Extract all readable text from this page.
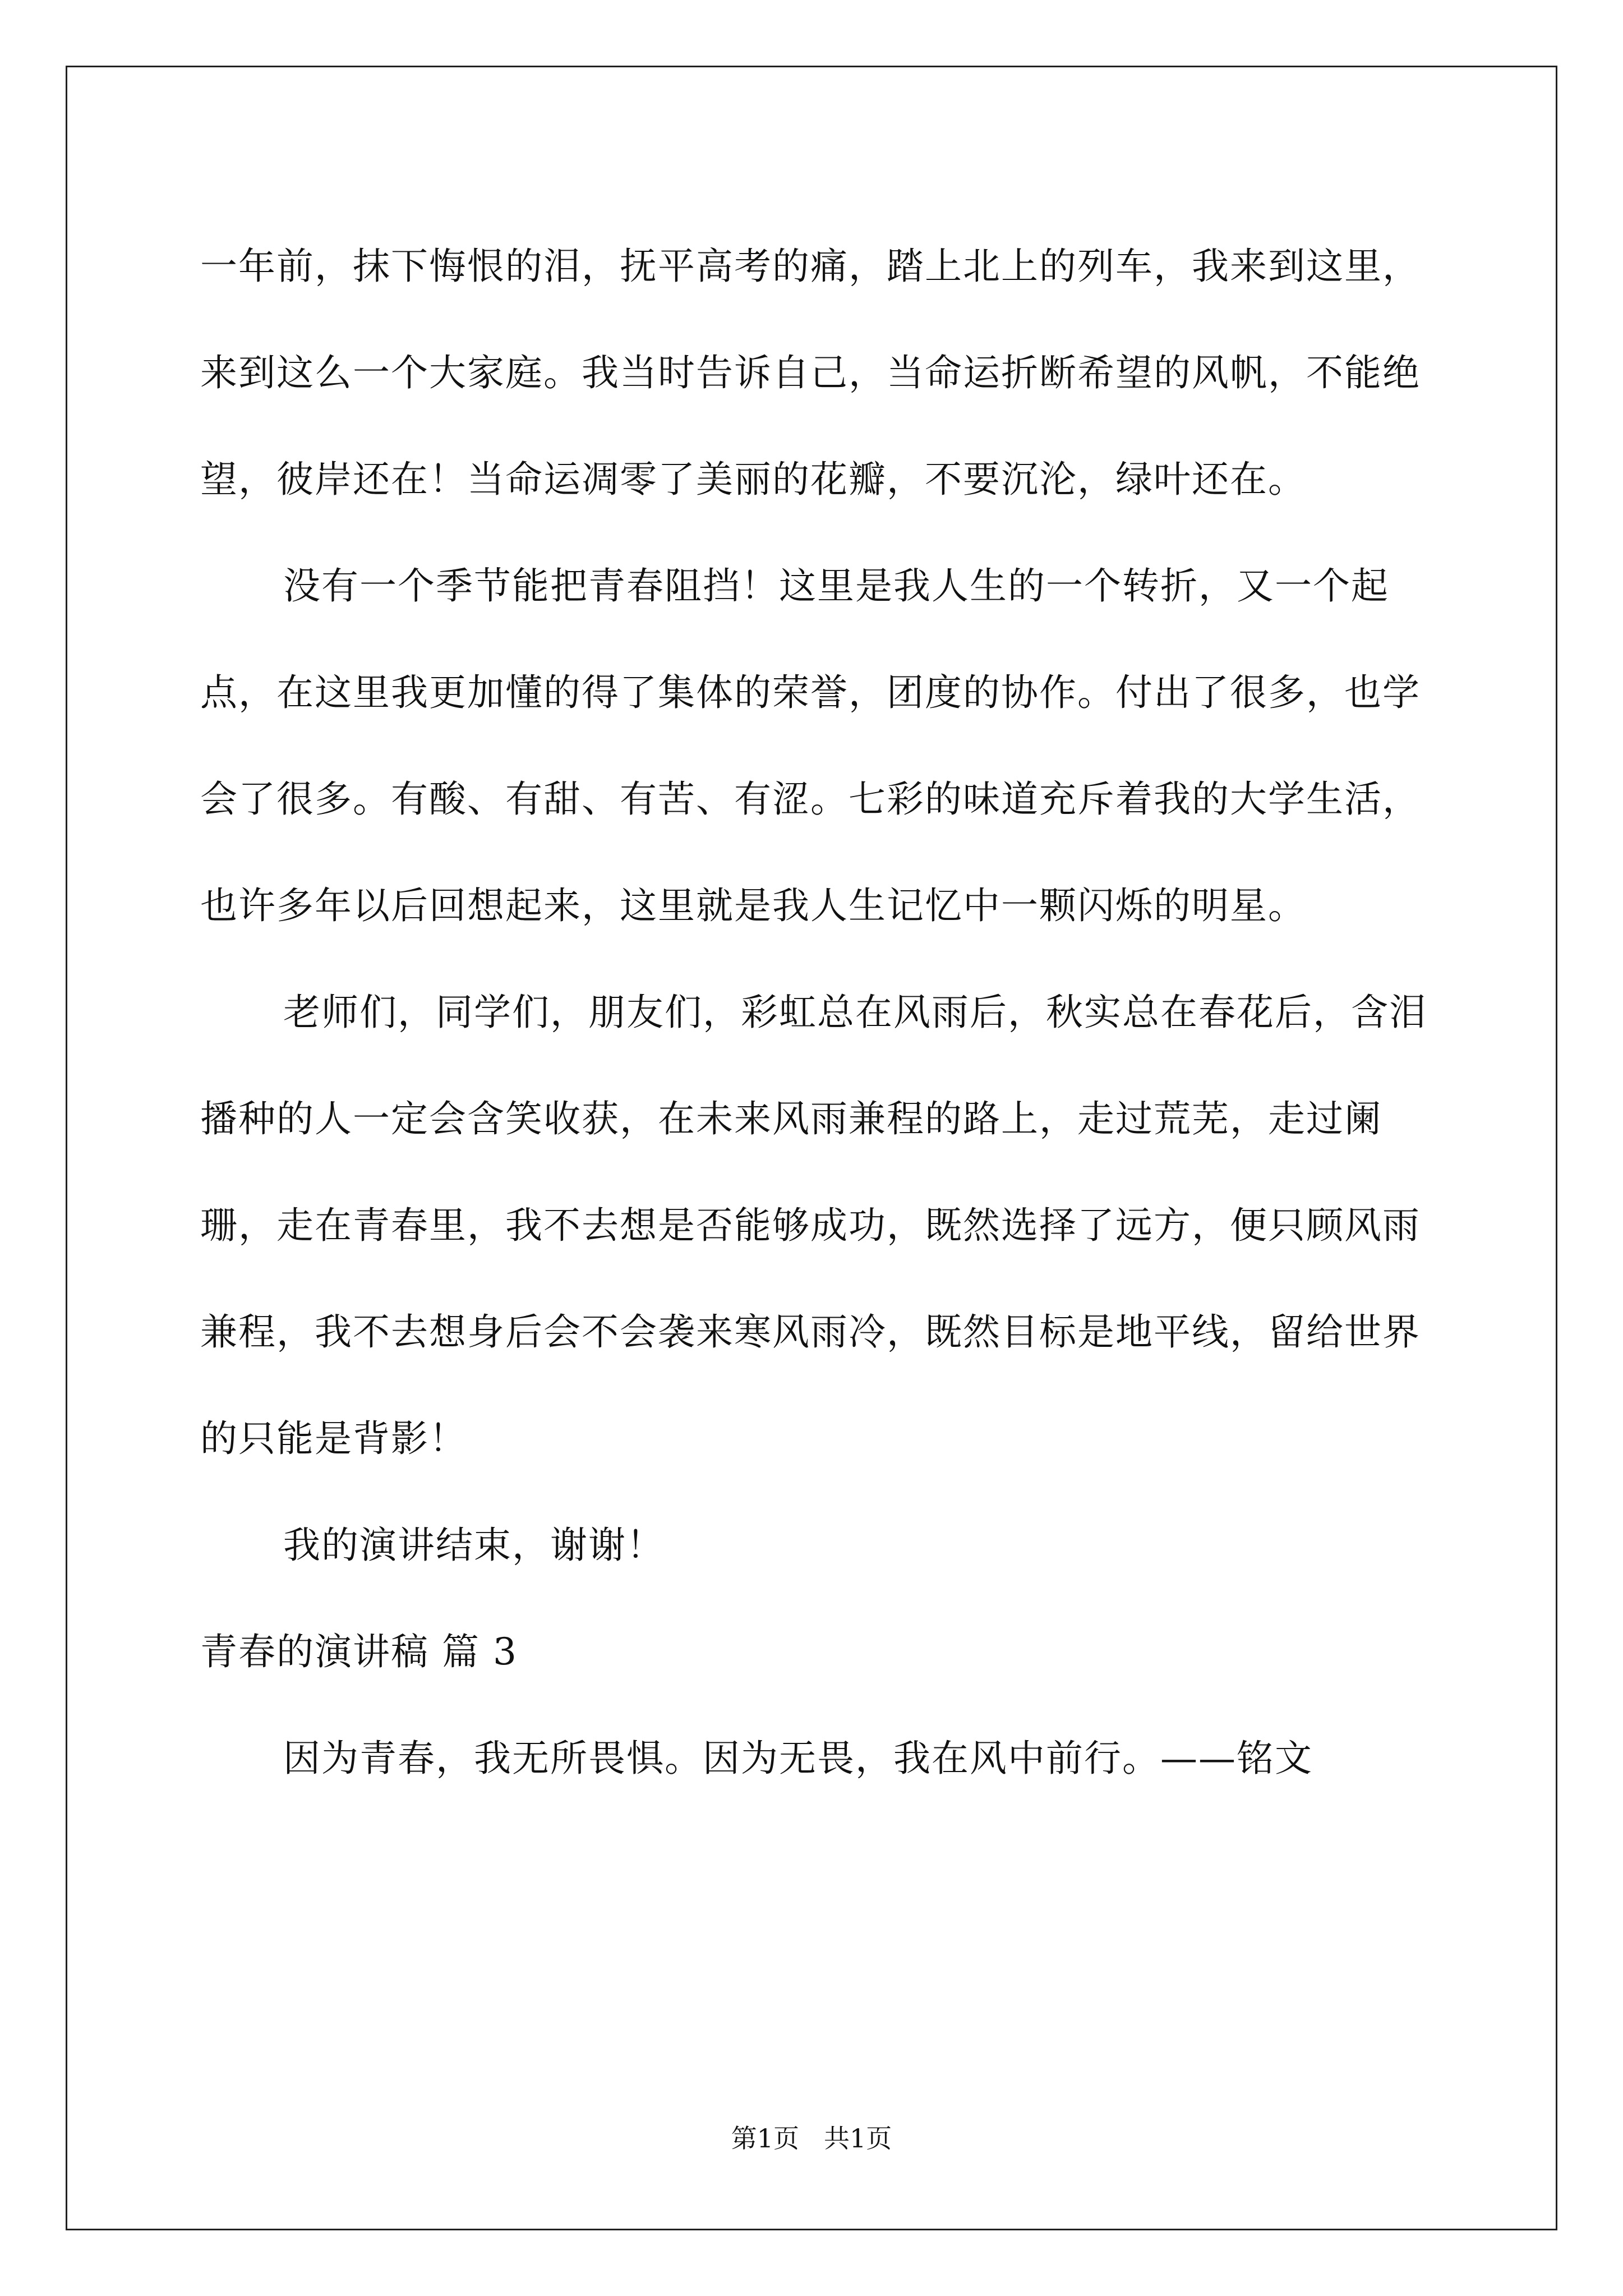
一年前，抹下悔恨的泪，抚平高考的痛，踏上北上的列车，我来到这里，来到这么一个大家庭。我当时告诉自己，当命运折断希望的风帆，不能绝望，彼岸还在！当命运凋零了美丽的花瓣，不要沉沦，绿叶还在。

没有一个季节能把青春阻挡！这里是我人生的一个转折，又一个起点，在这里我更加懂的得了集体的荣誉，团度的协作。付出了很多，也学会了很多。有酸、有甜、有苦、有涩。七彩的味道充斥着我的大学生活，也许多年以后回想起来，这里就是我人生记忆中一颗闪烁的明星。

老师们，同学们，朋友们，彩虹总在风雨后，秋实总在春花后，含泪播种的人一定会含笑收获，在未来风雨兼程的路上，走过荒芜，走过阑珊，走在青春里，我不去想是否能够成功，既然选择了远方，便只顾风雨兼程，我不去想身后会不会袭来寒风雨冷，既然目标是地平线，留给世界的只能是背影！

我的演讲结束，谢谢！

青春的演讲稿 篇 3

因为青春，我无所畏惧。因为无畏，我在风中前行。——铭文

第1页 共1页
